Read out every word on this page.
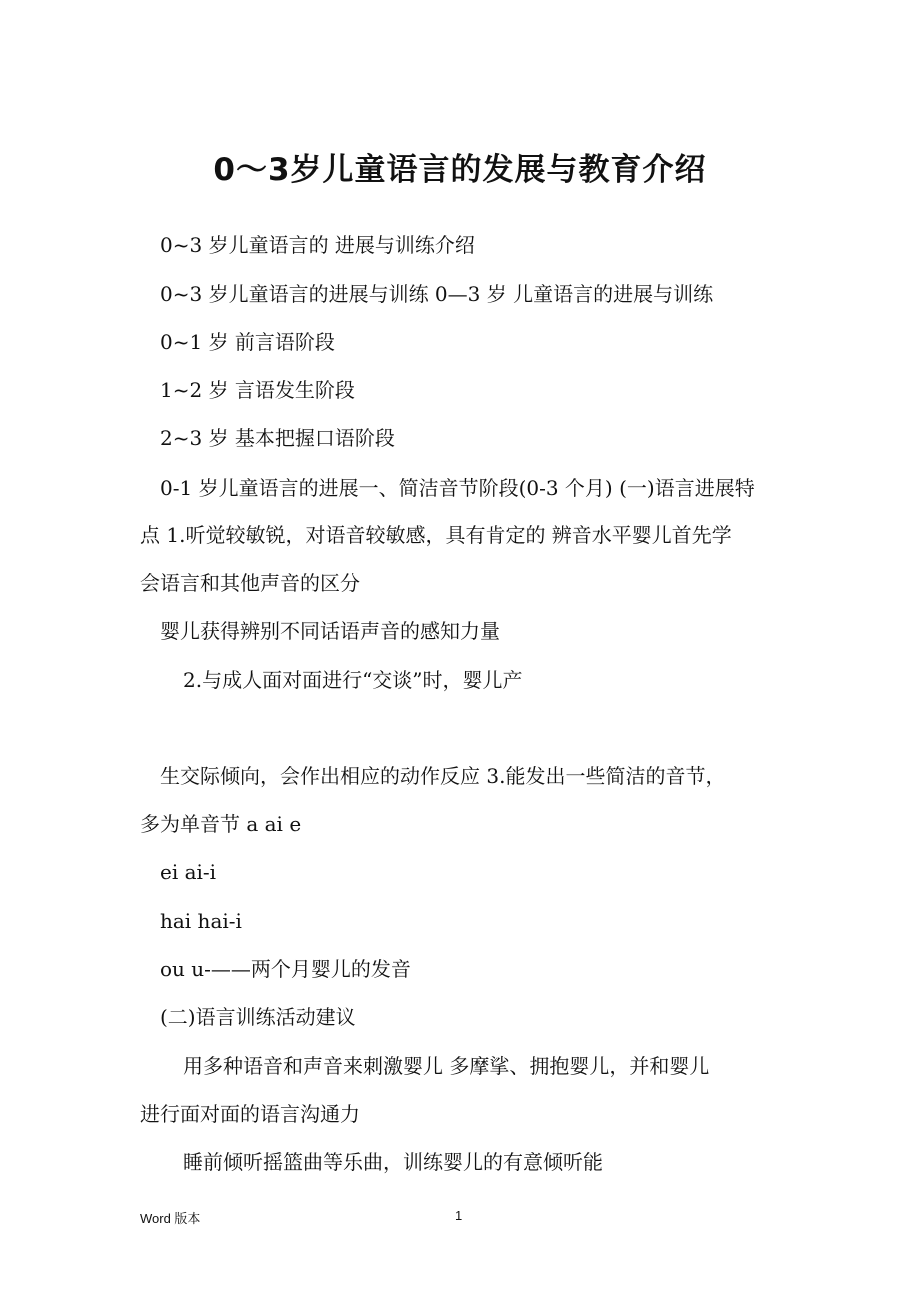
0～3岁儿童语言的发展与教育介绍

0~3 岁儿童语言的 进展与训练介绍

0~3 岁儿童语言的进展与训练 0—3 岁 儿童语言的进展与训练

0~1 岁 前言语阶段

1~2 岁 言语发生阶段

2~3 岁 基本把握口语阶段

0-1 岁儿童语言的进展一、简洁音节阶段(0-3 个月) (一)语言进展特

点 1.听觉较敏锐，对语音较敏感，具有肯定的 辨音水平婴儿首先学

会语言和其他声音的区分

婴儿获得辨别不同话语声音的感知力量

2.与成人面对面进行“交谈”时，婴儿产

生交际倾向，会作出相应的动作反应 3.能发出一些简洁的音节，

多为单音节 a ai e

ei ai-i

hai hai-i

ou u-——两个月婴儿的发音

(二)语言训练活动建议

用多种语音和声音来刺激婴儿 多摩挲、拥抱婴儿，并和婴儿

进行面对面的语言沟通力

睡前倾听摇篮曲等乐曲，训练婴儿的有意倾听能

Word 版本	1
